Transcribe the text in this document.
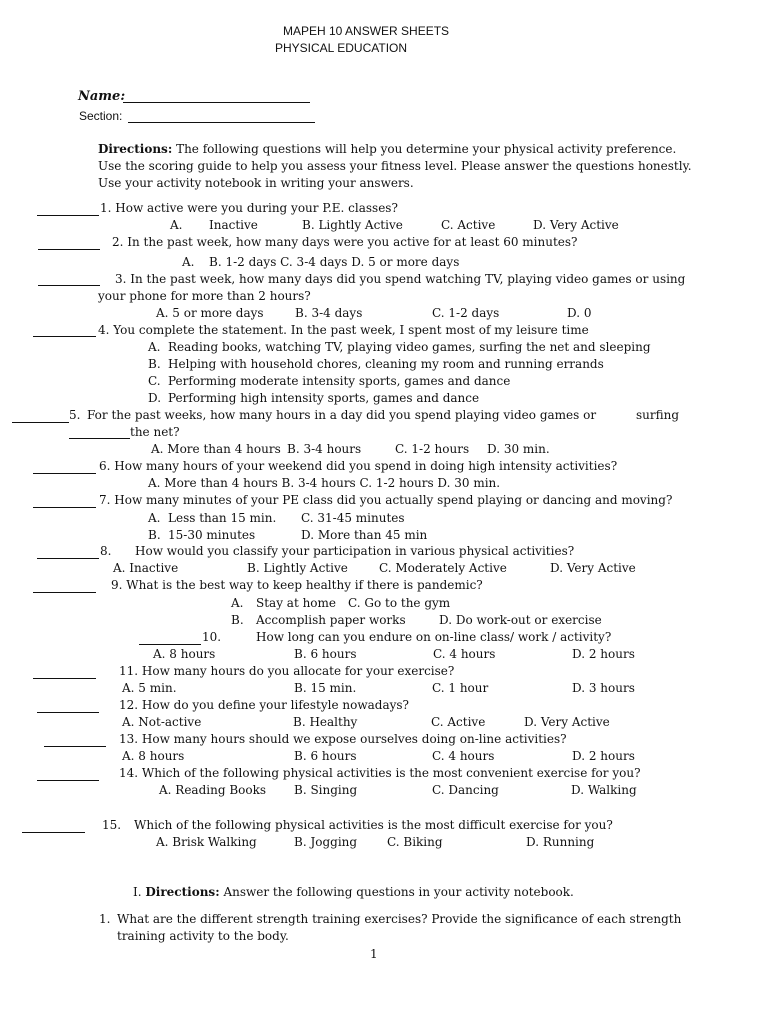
MAPEH 10 ANSWER SHEETS
PHYSICAL EDUCATION
Name:
Section:
Directions: The following questions will help you determine your physical activity preference.
Use the scoring guide to help you assess your fitness level. Please answer the questions honestly.
Use your activity notebook in writing your answers.
1. How active were you during your P.E. classes?
A. Inactive	B. Lightly Active	C. Active	D. Very Active
2. In the past week, how many days were you active for at least 60 minutes?
A. B. 1-2 days C. 3-4 days D. 5 or more days
3. In the past week, how many days did you spend watching TV, playing video games or using
your phone for more than 2 hours?
A. 5 or more days	B. 3-4 days	C. 1-2 days	D. 0
4. You complete the statement. In the past week, I spent most of my leisure time
A. Reading books, watching TV, playing video games, surfing the net and sleeping
B. Helping with household chores, cleaning my room and running errands
C. Performing moderate intensity sports, games and dance
D. Performing high intensity sports, games and dance
5. For the past weeks, how many hours in a day did you spend playing video games or	surfing
the net?
A. More than 4 hours B. 3-4 hours	C. 1-2 hours D. 30 min.
6. How many hours of your weekend did you spend in doing high intensity activities?
A. More than 4 hours B. 3-4 hours C. 1-2 hours D. 30 min.
7. How many minutes of your PE class did you actually spend playing or dancing and moving?
A. Less than 15 min. C. 31-45 minutes
B. 15-30 minutes	D. More than 45 min
8. How would you classify your participation in various physical activities?
A. Inactive	B. Lightly Active	C. Moderately Active	D. Very Active
9. What is the best way to keep healthy if there is pandemic?
A. Stay at home C. Go to the gym
B. Accomplish paper works	D. Do work-out or exercise
10.	How long can you endure on on-line class/ work / activity?
A. 8 hours	B. 6 hours	C. 4 hours	D. 2 hours
11. How many hours do you allocate for your exercise?
A. 5 min.	B. 15 min.	C. 1 hour	D. 3 hours
12. How do you define your lifestyle nowadays?
A. Not-active	B. Healthy	C. Active	D. Very Active
13. How many hours should we expose ourselves doing on-line activities?
A. 8 hours	B. 6 hours	C. 4 hours	D. 2 hours
14. Which of the following physical activities is the most convenient exercise for you?
A. Reading Books B. Singing	C. Dancing	D. Walking
15. Which of the following physical activities is the most difficult exercise for you?
A. Brisk Walking	B. Jogging C. Biking	D. Running
I. Directions: Answer the following questions in your activity notebook.
1. What are the different strength training exercises? Provide the significance of each strength
training activity to the body.
1
